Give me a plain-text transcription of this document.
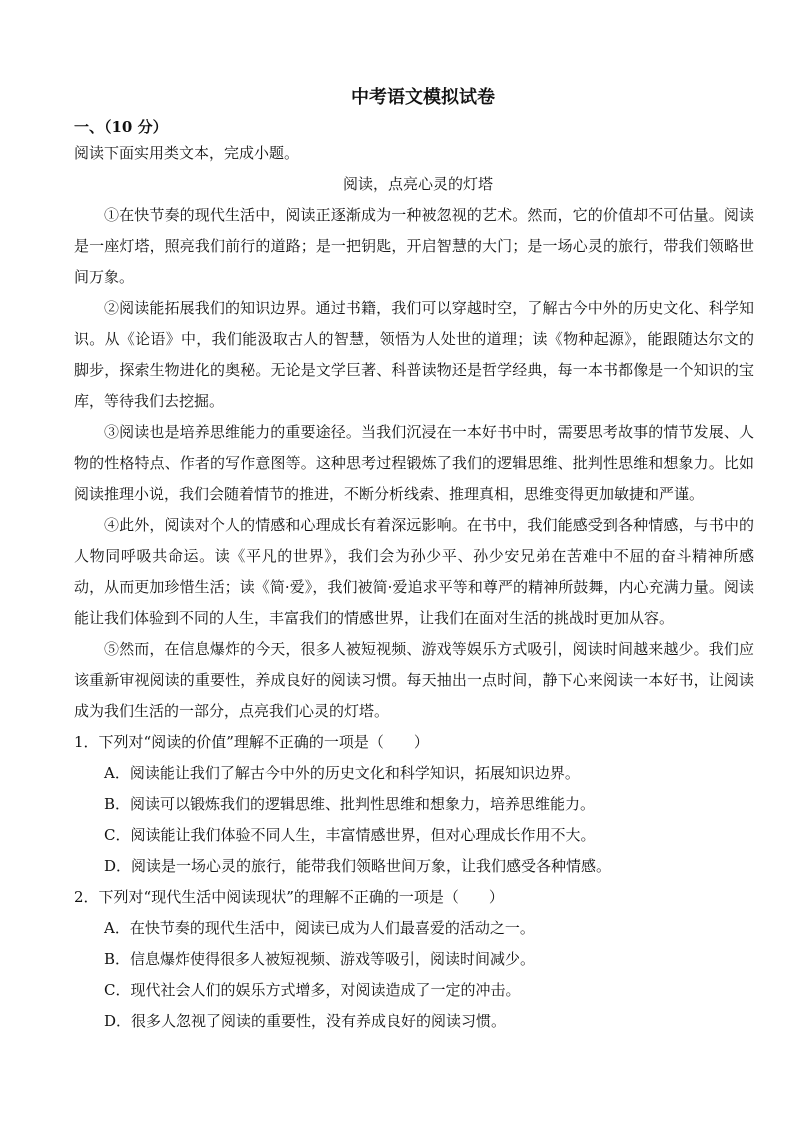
中考语文模拟试卷
一、（10 分）
阅读下面实用类文本，完成小题。
阅读，点亮心灵的灯塔
①在快节奏的现代生活中，阅读正逐渐成为一种被忽视的艺术。然而，它的价值却不可估量。阅读是一座灯塔，照亮我们前行的道路；是一把钥匙，开启智慧的大门；是一场心灵的旅行，带我们领略世间万象。
②阅读能拓展我们的知识边界。通过书籍，我们可以穿越时空，了解古今中外的历史文化、科学知识。从《论语》中，我们能汲取古人的智慧，领悟为人处世的道理；读《物种起源》，能跟随达尔文的脚步，探索生物进化的奥秘。无论是文学巨著、科普读物还是哲学经典，每一本书都像是一个知识的宝库，等待我们去挖掘。
③阅读也是培养思维能力的重要途径。当我们沉浸在一本好书中时，需要思考故事的情节发展、人物的性格特点、作者的写作意图等。这种思考过程锻炼了我们的逻辑思维、批判性思维和想象力。比如阅读推理小说，我们会随着情节的推进，不断分析线索、推理真相，思维变得更加敏捷和严谨。
④此外，阅读对个人的情感和心理成长有着深远影响。在书中，我们能感受到各种情感，与书中的人物同呼吸共命运。读《平凡的世界》，我们会为孙少平、孙少安兄弟在苦难中不屈的奋斗精神所感动，从而更加珍惜生活；读《简·爱》，我们被简·爱追求平等和尊严的精神所鼓舞，内心充满力量。阅读能让我们体验到不同的人生，丰富我们的情感世界，让我们在面对生活的挑战时更加从容。
⑤然而，在信息爆炸的今天，很多人被短视频、游戏等娱乐方式吸引，阅读时间越来越少。我们应该重新审视阅读的重要性，养成良好的阅读习惯。每天抽出一点时间，静下心来阅读一本好书，让阅读成为我们生活的一部分，点亮我们心灵的灯塔。
1．下列对“阅读的价值”理解不正确的一项是（　　）
A．阅读能让我们了解古今中外的历史文化和科学知识，拓展知识边界。
B．阅读可以锻炼我们的逻辑思维、批判性思维和想象力，培养思维能力。
C．阅读能让我们体验不同人生，丰富情感世界，但对心理成长作用不大。
D．阅读是一场心灵的旅行，能带我们领略世间万象，让我们感受各种情感。
2．下列对“现代生活中阅读现状”的理解不正确的一项是（　　）
A．在快节奏的现代生活中，阅读已成为人们最喜爱的活动之一。
B．信息爆炸使得很多人被短视频、游戏等吸引，阅读时间减少。
C．现代社会人们的娱乐方式增多，对阅读造成了一定的冲击。
D．很多人忽视了阅读的重要性，没有养成良好的阅读习惯。
